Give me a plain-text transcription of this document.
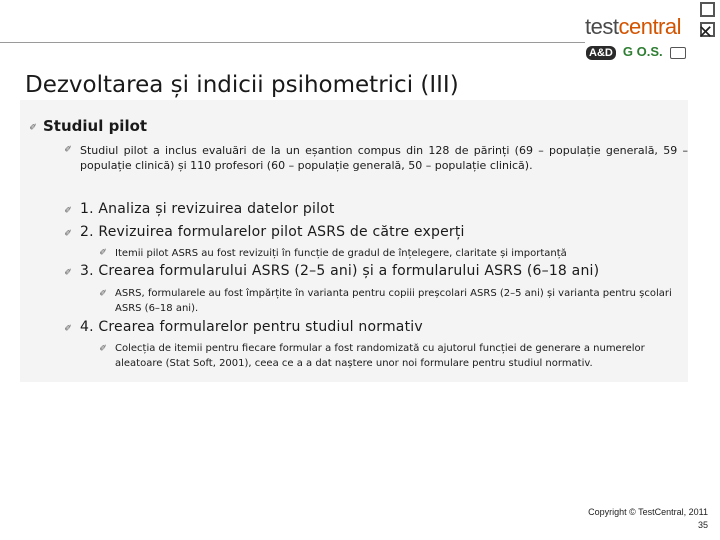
testcentral ✕
A&D G O.S.
Dezvoltarea și indicii psihometrici (III)
✐
Studiul pilot
✐
Studiul pilot a inclus evaluări de la un eșantion compus din 128 de părinți (69 – populație generală, 59 – populație clinică) și 110 profesori (60 – populație generală, 50 – populație clinică).
✐
1. Analiza și revizuirea datelor pilot
✐
2. Revizuirea formularelor pilot ASRS de către experți
✐
Itemii pilot ASRS au fost revizuiți în funcție de gradul de înțelegere, claritate și importanță
✐
3. Crearea formularului ASRS (2–5 ani) și a formularului ASRS (6–18 ani)
✐
ASRS, formularele au fost împărțite în varianta pentru copiii preșcolari ASRS (2–5 ani) și varianta pentru școlari ASRS (6–18 ani).
✐
4. Crearea formularelor pentru studiul normativ
✐
Colecția de itemii pentru fiecare formular a fost randomizată cu ajutorul funcției de generare a numerelor aleatoare (Stat Soft, 2001), ceea ce a a dat naștere unor noi formulare pentru studiul normativ.
Copyright © TestCentral, 2011
35
